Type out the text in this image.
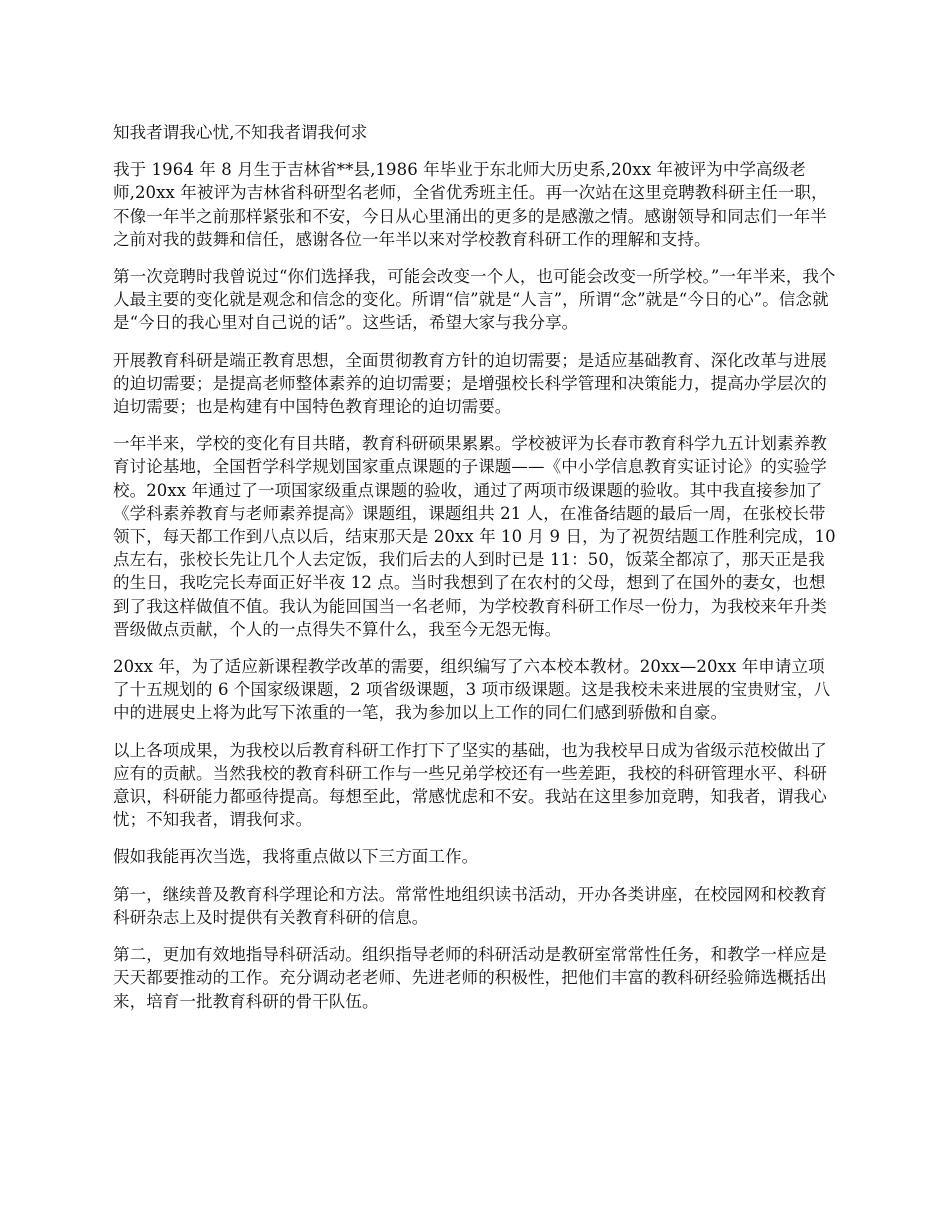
知我者谓我心忧,不知我者谓我何求

我于 1964 年 8 月生于吉林省**县,1986 年毕业于东北师大历史系,20xx 年被评为中学高级老师,20xx 年被评为吉林省科研型名老师，全省优秀班主任。再一次站在这里竞聘教科研主任一职，不像一年半之前那样紧张和不安，今日从心里涌出的更多的是感激之情。感谢领导和同志们一年半之前对我的鼓舞和信任，感谢各位一年半以来对学校教育科研工作的理解和支持。

第一次竞聘时我曾说过“你们选择我，可能会改变一个人，也可能会改变一所学校。”一年半来，我个人最主要的变化就是观念和信念的变化。所谓“信”就是“人言”，所谓“念”就是“今日的心”。信念就是“今日的我心里对自己说的话”。这些话，希望大家与我分享。

开展教育科研是端正教育思想，全面贯彻教育方针的迫切需要；是适应基础教育、深化改革与进展的迫切需要；是提高老师整体素养的迫切需要；是增强校长科学管理和决策能力，提高办学层次的迫切需要；也是构建有中国特色教育理论的迫切需要。

一年半来，学校的变化有目共睹，教育科研硕果累累。学校被评为长春市教育科学九五计划素养教育讨论基地，全国哲学科学规划国家重点课题的子课题——《中小学信息教育实证讨论》的实验学校。20xx 年通过了一项国家级重点课题的验收，通过了两项市级课题的验收。其中我直接参加了《学科素养教育与老师素养提高》课题组，课题组共 21 人，在准备结题的最后一周，在张校长带领下，每天都工作到八点以后，结束那天是 20xx 年 10 月 9 日，为了祝贺结题工作胜利完成，10 点左右，张校长先让几个人去定饭，我们后去的人到时已是 11：50，饭菜全都凉了，那天正是我的生日，我吃完长寿面正好半夜 12 点。当时我想到了在农村的父母，想到了在国外的妻女，也想到了我这样做值不值。我认为能回国当一名老师，为学校教育科研工作尽一份力，为我校来年升类晋级做点贡献，个人的一点得失不算什么，我至今无怨无悔。

20xx 年，为了适应新课程教学改革的需要，组织编写了六本校本教材。20xx—20xx 年申请立项了十五规划的 6 个国家级课题，2 项省级课题，3 项市级课题。这是我校未来进展的宝贵财宝，八中的进展史上将为此写下浓重的一笔，我为参加以上工作的同仁们感到骄傲和自豪。

以上各项成果，为我校以后教育科研工作打下了坚实的基础，也为我校早日成为省级示范校做出了应有的贡献。当然我校的教育科研工作与一些兄弟学校还有一些差距，我校的科研管理水平、科研意识，科研能力都亟待提高。每想至此，常感忧虑和不安。我站在这里参加竞聘，知我者，谓我心忧；不知我者，谓我何求。

假如我能再次当选，我将重点做以下三方面工作。

第一，继续普及教育科学理论和方法。常常性地组织读书活动，开办各类讲座，在校园网和校教育科研杂志上及时提供有关教育科研的信息。

第二，更加有效地指导科研活动。组织指导老师的科研活动是教研室常常性任务，和教学一样应是天天都要推动的工作。充分调动老老师、先进老师的积极性，把他们丰富的教科研经验筛选概括出来，培育一批教育科研的骨干队伍。
